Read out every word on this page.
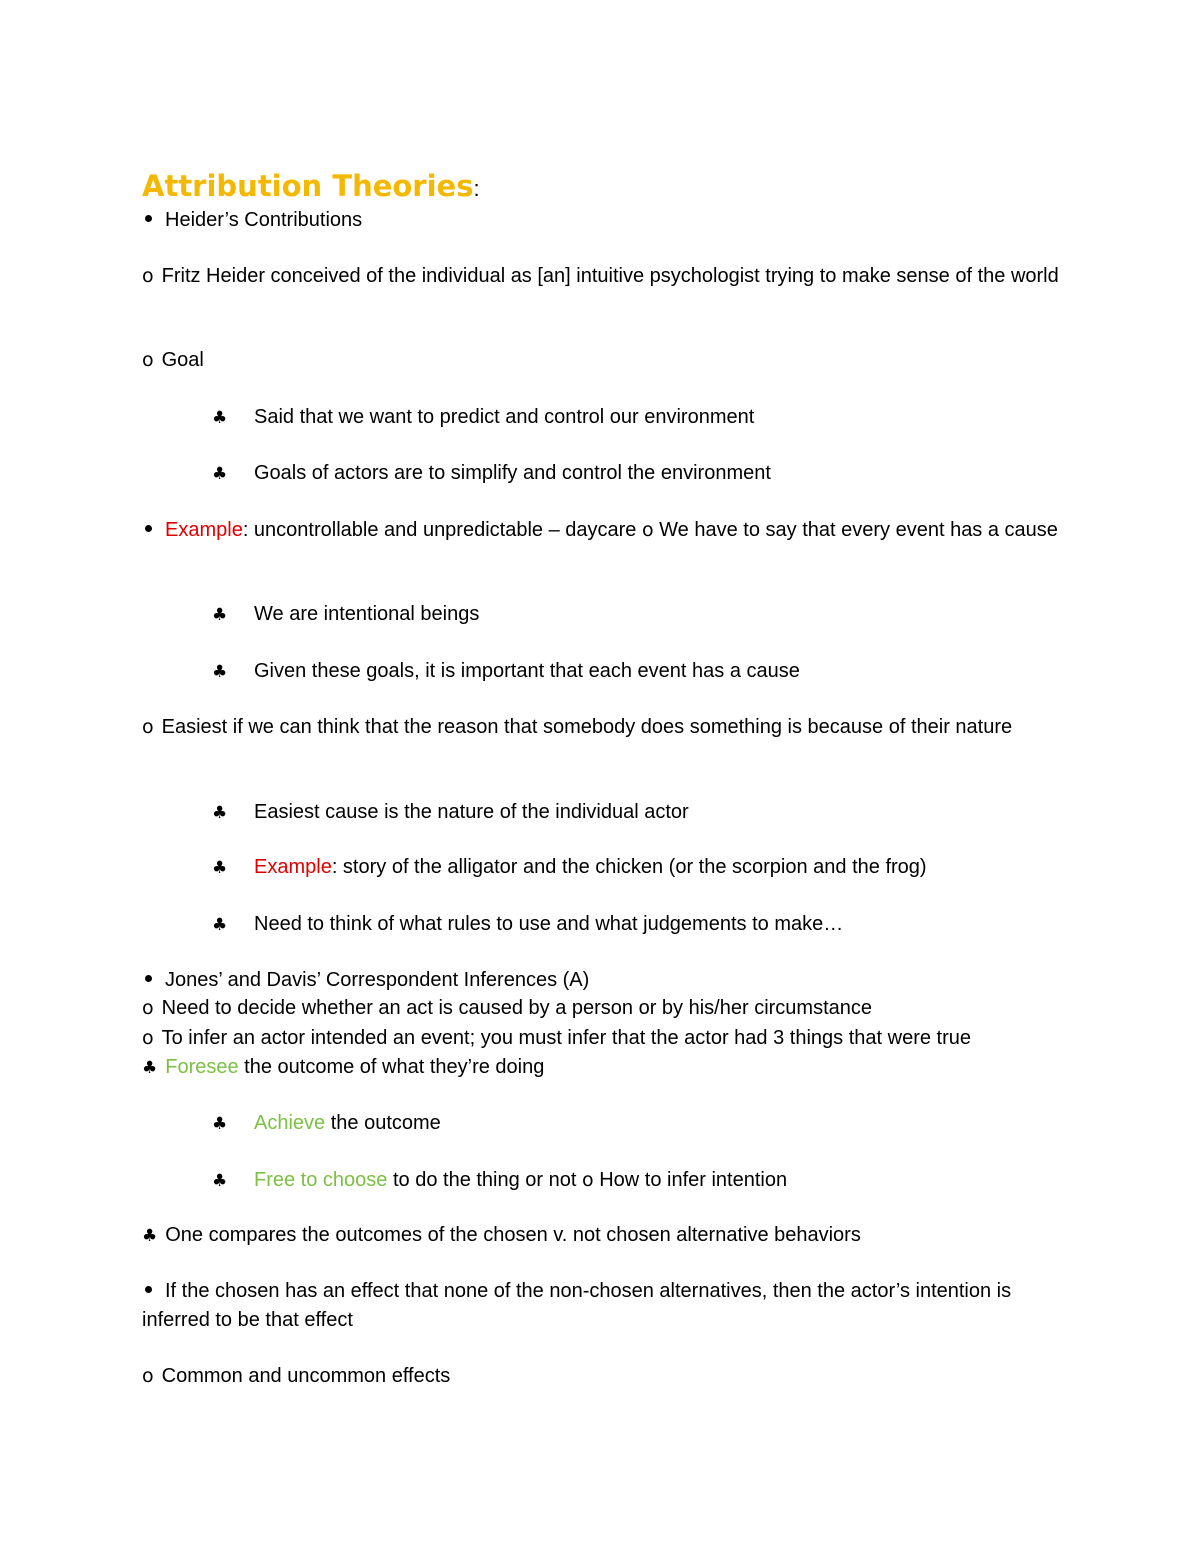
Attribution Theories:
Heider’s Contributions
o Fritz Heider conceived of the individual as [an] intuitive psychologist trying to make sense of the world
o Goal
♣ Said that we want to predict and control our environment
♣ Goals of actors are to simplify and control the environment
Example: uncontrollable and unpredictable – daycare o We have to say that every event has a cause
♣ We are intentional beings
♣ Given these goals, it is important that each event has a cause
o Easiest if we can think that the reason that somebody does something is because of their nature
♣ Easiest cause is the nature of the individual actor
♣ Example: story of the alligator and the chicken (or the scorpion and the frog)
♣ Need to think of what rules to use and what judgements to make…
Jones’ and Davis’ Correspondent Inferences (A)
o Need to decide whether an act is caused by a person or by his/her circumstance
o To infer an actor intended an event; you must infer that the actor had 3 things that were true
♣ Foresee the outcome of what they’re doing
♣ Achieve the outcome
♣ Free to choose to do the thing or not o How to infer intention
♣ One compares the outcomes of the chosen v. not chosen alternative behaviors
If the chosen has an effect that none of the non-chosen alternatives, then the actor’s intention is inferred to be that effect
o Common and uncommon effects
